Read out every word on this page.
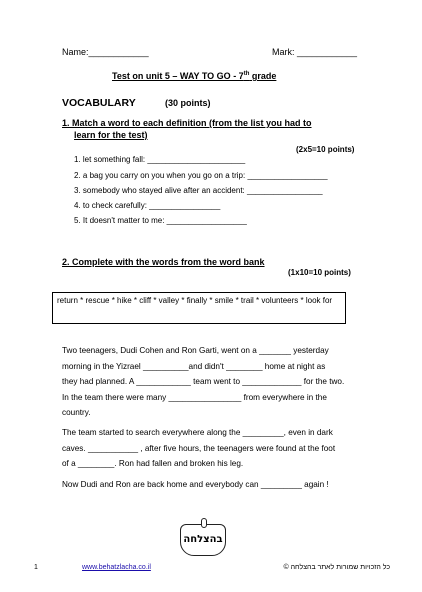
Name:____________	Mark: ____________
Test on unit 5 – WAY TO GO - 7th grade
VOCABULARY	(30 points)
1. Match a word to each definition (from the list you had to
learn for the test)
(2x5=10 points)
1. let something fall: ______________________
2. a bag you carry on you when you go on a trip: __________________
3. somebody who stayed alive after an accident: _________________
4. to check carefully: ________________
5. It doesn't matter to me: __________________
2. Complete with the words from the word bank
(1x10=10 points)
return * rescue * hike * cliff * valley * finally * smile * trail * volunteers * look for
Two teenagers, Dudi Cohen and Ron Garti, went on a _______ yesterday
morning in the Yizrael __________and didn't ________ home at night as
they had planned. A ____________ team went to _____________ for the two.
In the team there were many ________________ from everywhere in the
country.
The team started to search everywhere along the _________, even in dark
caves. ___________ , after five hours, the teenagers were found at the foot
of a ________. Ron had fallen and broken his leg.
Now Dudi and Ron are back home and everybody can _________ again !
בהצלחה
1	www.behatzlacha.co.il	כל הזכויות שמורות לאתר בהצלחה ©
